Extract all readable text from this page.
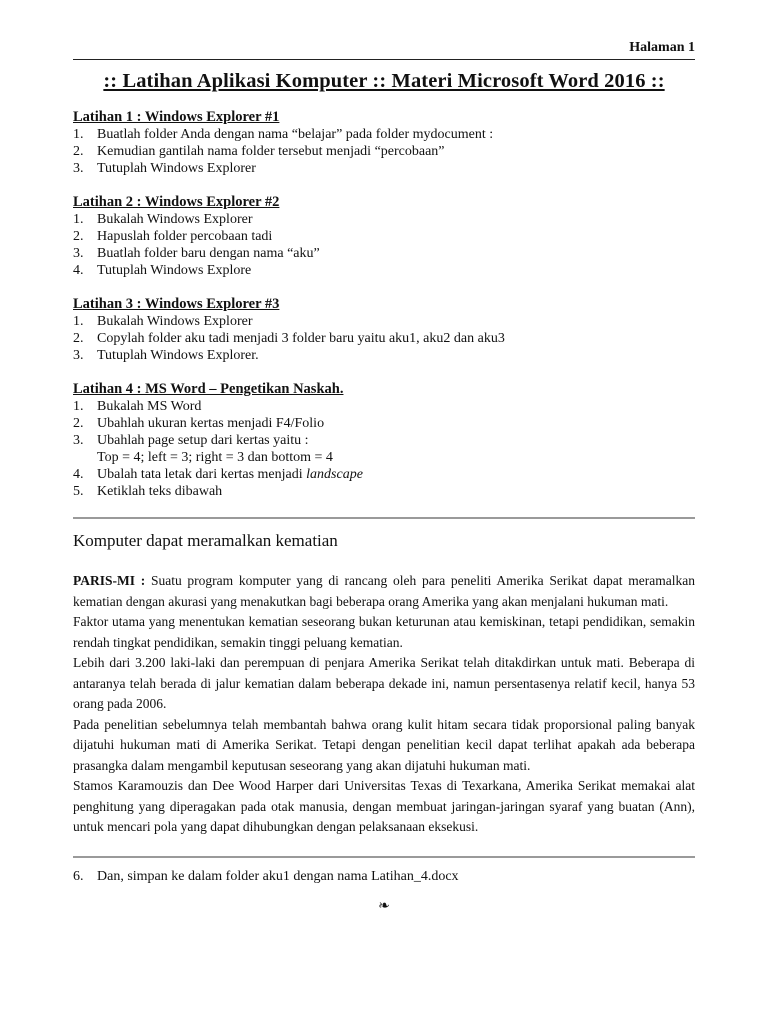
Halaman 1
:: Latihan Aplikasi Komputer :: Materi Microsoft Word 2016 ::
Latihan 1 : Windows Explorer #1
1. Buatlah folder Anda dengan nama “belajar” pada folder mydocument :
2. Kemudian gantilah nama folder tersebut menjadi “percobaan”
3. Tutuplah Windows Explorer
Latihan 2 : Windows Explorer #2
1. Bukalah Windows Explorer
2. Hapuslah folder percobaan tadi
3. Buatlah folder baru dengan nama “aku”
4. Tutuplah Windows Explore
Latihan 3 : Windows Explorer #3
1. Bukalah Windows Explorer
2. Copylah folder aku tadi menjadi 3 folder baru yaitu aku1, aku2 dan aku3
3. Tutuplah Windows Explorer.
Latihan 4 : MS Word – Pengetikan Naskah.
1. Bukalah MS Word
2. Ubahlah ukuran kertas menjadi F4/Folio
3. Ubahlah page setup dari kertas yaitu :
Top = 4; left = 3; right = 3 dan bottom = 4
4. Ubalah tata letak dari kertas menjadi landscape
5. Ketiklah teks dibawah
Komputer dapat meramalkan kematian

PARIS-MI : Suatu program komputer yang di rancang oleh para peneliti Amerika Serikat dapat meramalkan kematian dengan akurasi yang menakutkan bagi beberapa orang Amerika yang akan menjalani hukuman mati.

Faktor utama yang menentukan kematian seseorang bukan keturunan atau kemiskinan, tetapi pendidikan, semakin rendah tingkat pendidikan, semakin tinggi peluang kematian.

Lebih dari 3.200 laki-laki dan perempuan di penjara Amerika Serikat telah ditakdirkan untuk mati. Beberapa di antaranya telah berada di jalur kematian dalam beberapa dekade ini, namun persentasenya relatif kecil, hanya 53 orang pada 2006.

Pada penelitian sebelumnya telah membantah bahwa orang kulit hitam secara tidak proporsional paling banyak dijatuhi hukuman mati di Amerika Serikat. Tetapi dengan penelitian kecil dapat terlihat apakah ada beberapa prasangka dalam mengambil keputusan seseorang yang akan dijatuhi hukuman mati.

Stamos Karamouzis dan Dee Wood Harper dari Universitas Texas di Texarkana, Amerika Serikat memakai alat penghitung yang diperagakan pada otak manusia, dengan membuat jaringan-jaringan syaraf yang buatan (Ann), untuk mencari pola yang dapat dihubungkan dengan pelaksanaan eksekusi.

6. Dan, simpan ke dalam folder aku1 dengan nama Latihan_4.docx
❧
